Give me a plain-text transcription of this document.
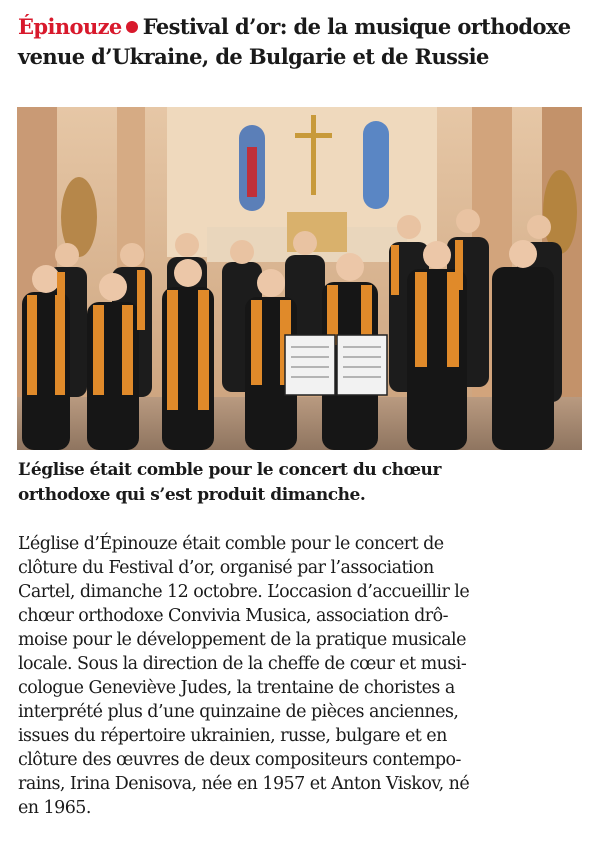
Épinouze Festival d’or: de la musique orthodoxe
venue d’Ukraine, de Bulgarie et de Russie
L’église était comble pour le concert du chœur
orthodoxe qui s’est produit dimanche.
L’église d’Épinouze était comble pour le concert de
clôture du Festival d’or, organisé par l’association
Cartel, dimanche 12 octobre. L’occasion d’accueillir le
chœur orthodoxe Convivia Musica, association drô-
moise pour le développement de la pratique musicale
locale. Sous la direction de la cheffe de cœur et musi-
cologue Geneviève Judes, la trentaine de choristes a
interprété plus d’une quinzaine de pièces anciennes,
issues du répertoire ukrainien, russe, bulgare et en
clôture des œuvres de deux compositeurs contempo-
rains, Irina Denisova, née en 1957 et Anton Viskov, né
en 1965.
